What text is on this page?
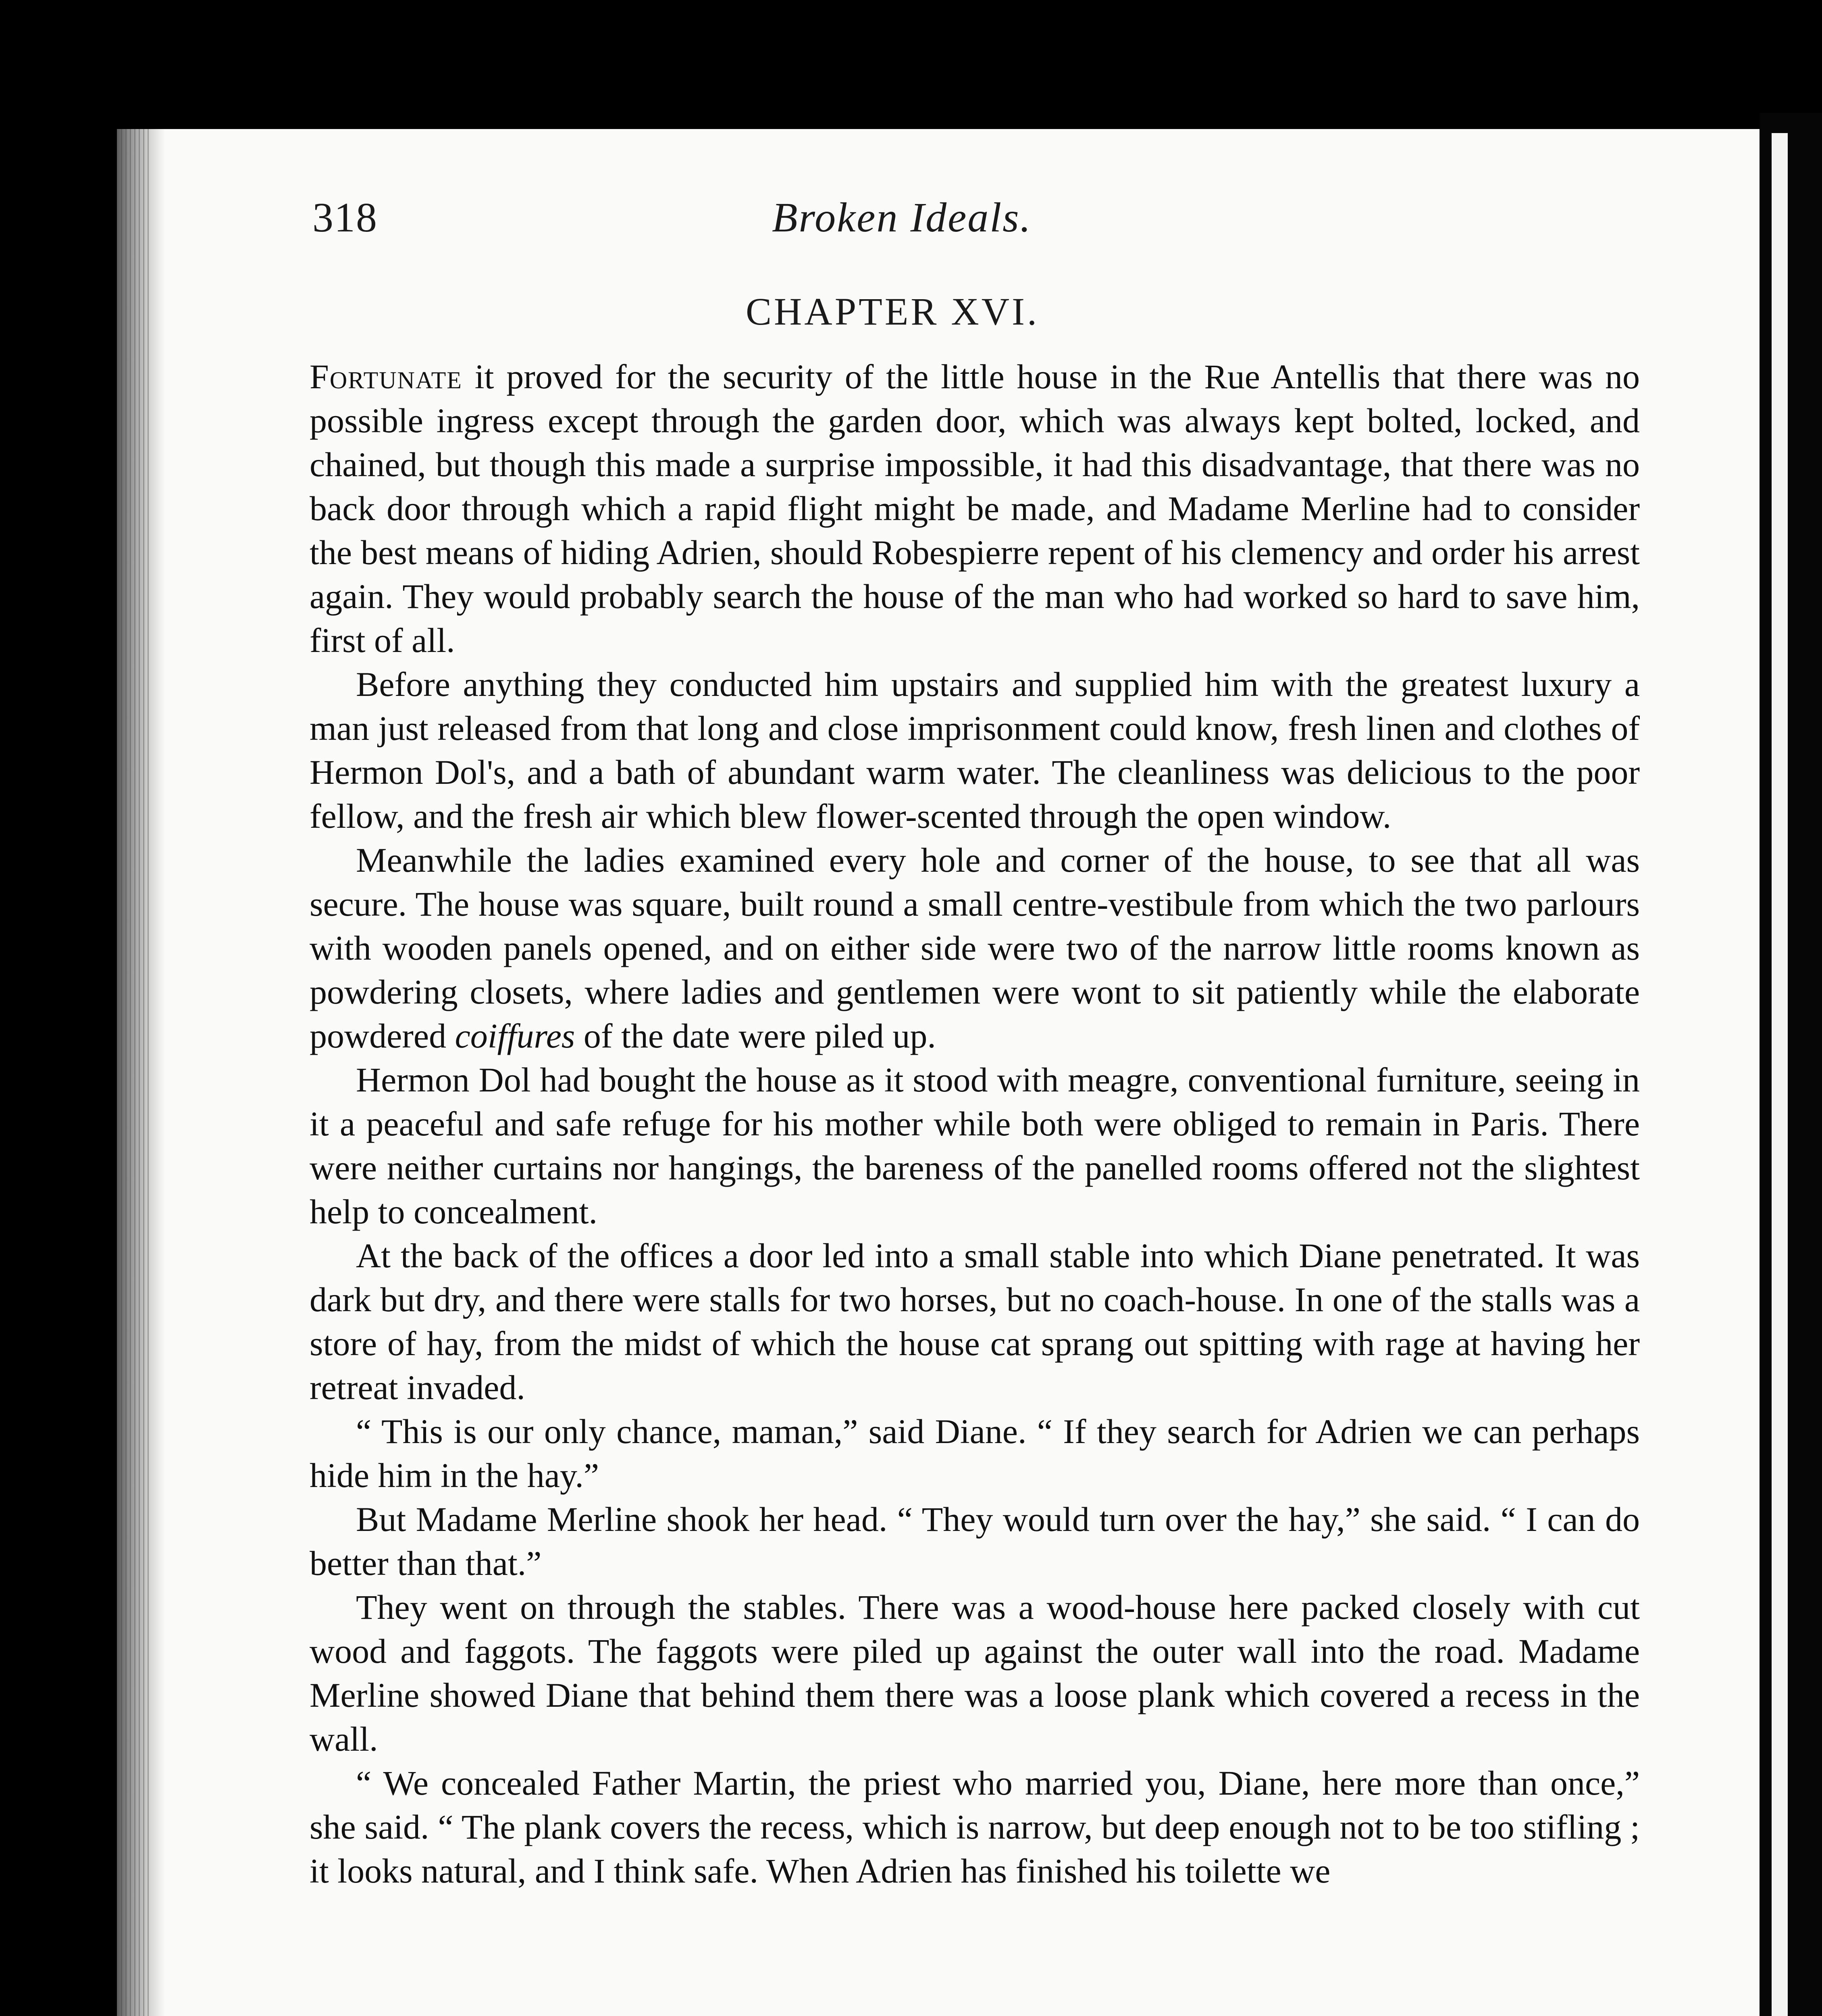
318	Broken Ideals.
CHAPTER XVI.

Fortunate it proved for the security of the little house in the Rue Antellis that there was no possible ingress except through the garden door, which was always kept bolted, locked, and chained, but though this made a surprise impossible, it had this disadvantage, that there was no back door through which a rapid flight might be made, and Madame Merline had to consider the best means of hiding Adrien, should Robespierre repent of his clemency and order his arrest again. They would probably search the house of the man who had worked so hard to save him, first of all.

Before anything they conducted him upstairs and supplied him with the greatest luxury a man just released from that long and close imprisonment could know, fresh linen and clothes of Hermon Dol's, and a bath of abundant warm water. The cleanliness was delicious to the poor fellow, and the fresh air which blew flower-scented through the open window.

Meanwhile the ladies examined every hole and corner of the house, to see that all was secure. The house was square, built round a small centre-vestibule from which the two parlours with wooden panels opened, and on either side were two of the narrow little rooms known as powdering closets, where ladies and gentlemen were wont to sit patiently while the elaborate powdered coiffures of the date were piled up.

Hermon Dol had bought the house as it stood with meagre, conventional furniture, seeing in it a peaceful and safe refuge for his mother while both were obliged to remain in Paris. There were neither curtains nor hangings, the bareness of the panelled rooms offered not the slightest help to concealment.

At the back of the offices a door led into a small stable into which Diane penetrated. It was dark but dry, and there were stalls for two horses, but no coach-house. In one of the stalls was a store of hay, from the midst of which the house cat sprang out spitting with rage at having her retreat invaded.

“ This is our only chance, maman,” said Diane. “ If they search for Adrien we can perhaps hide him in the hay.”

But Madame Merline shook her head. “ They would turn over the hay,” she said. “ I can do better than that.”

They went on through the stables. There was a wood-house here packed closely with cut wood and faggots. The faggots were piled up against the outer wall into the road. Madame Merline showed Diane that behind them there was a loose plank which covered a recess in the wall.

“ We concealed Father Martin, the priest who married you, Diane, here more than once,” she said. “ The plank covers the recess, which is narrow, but deep enough not to be too stifling ; it looks natural, and I think safe. When Adrien has finished his toilette we
